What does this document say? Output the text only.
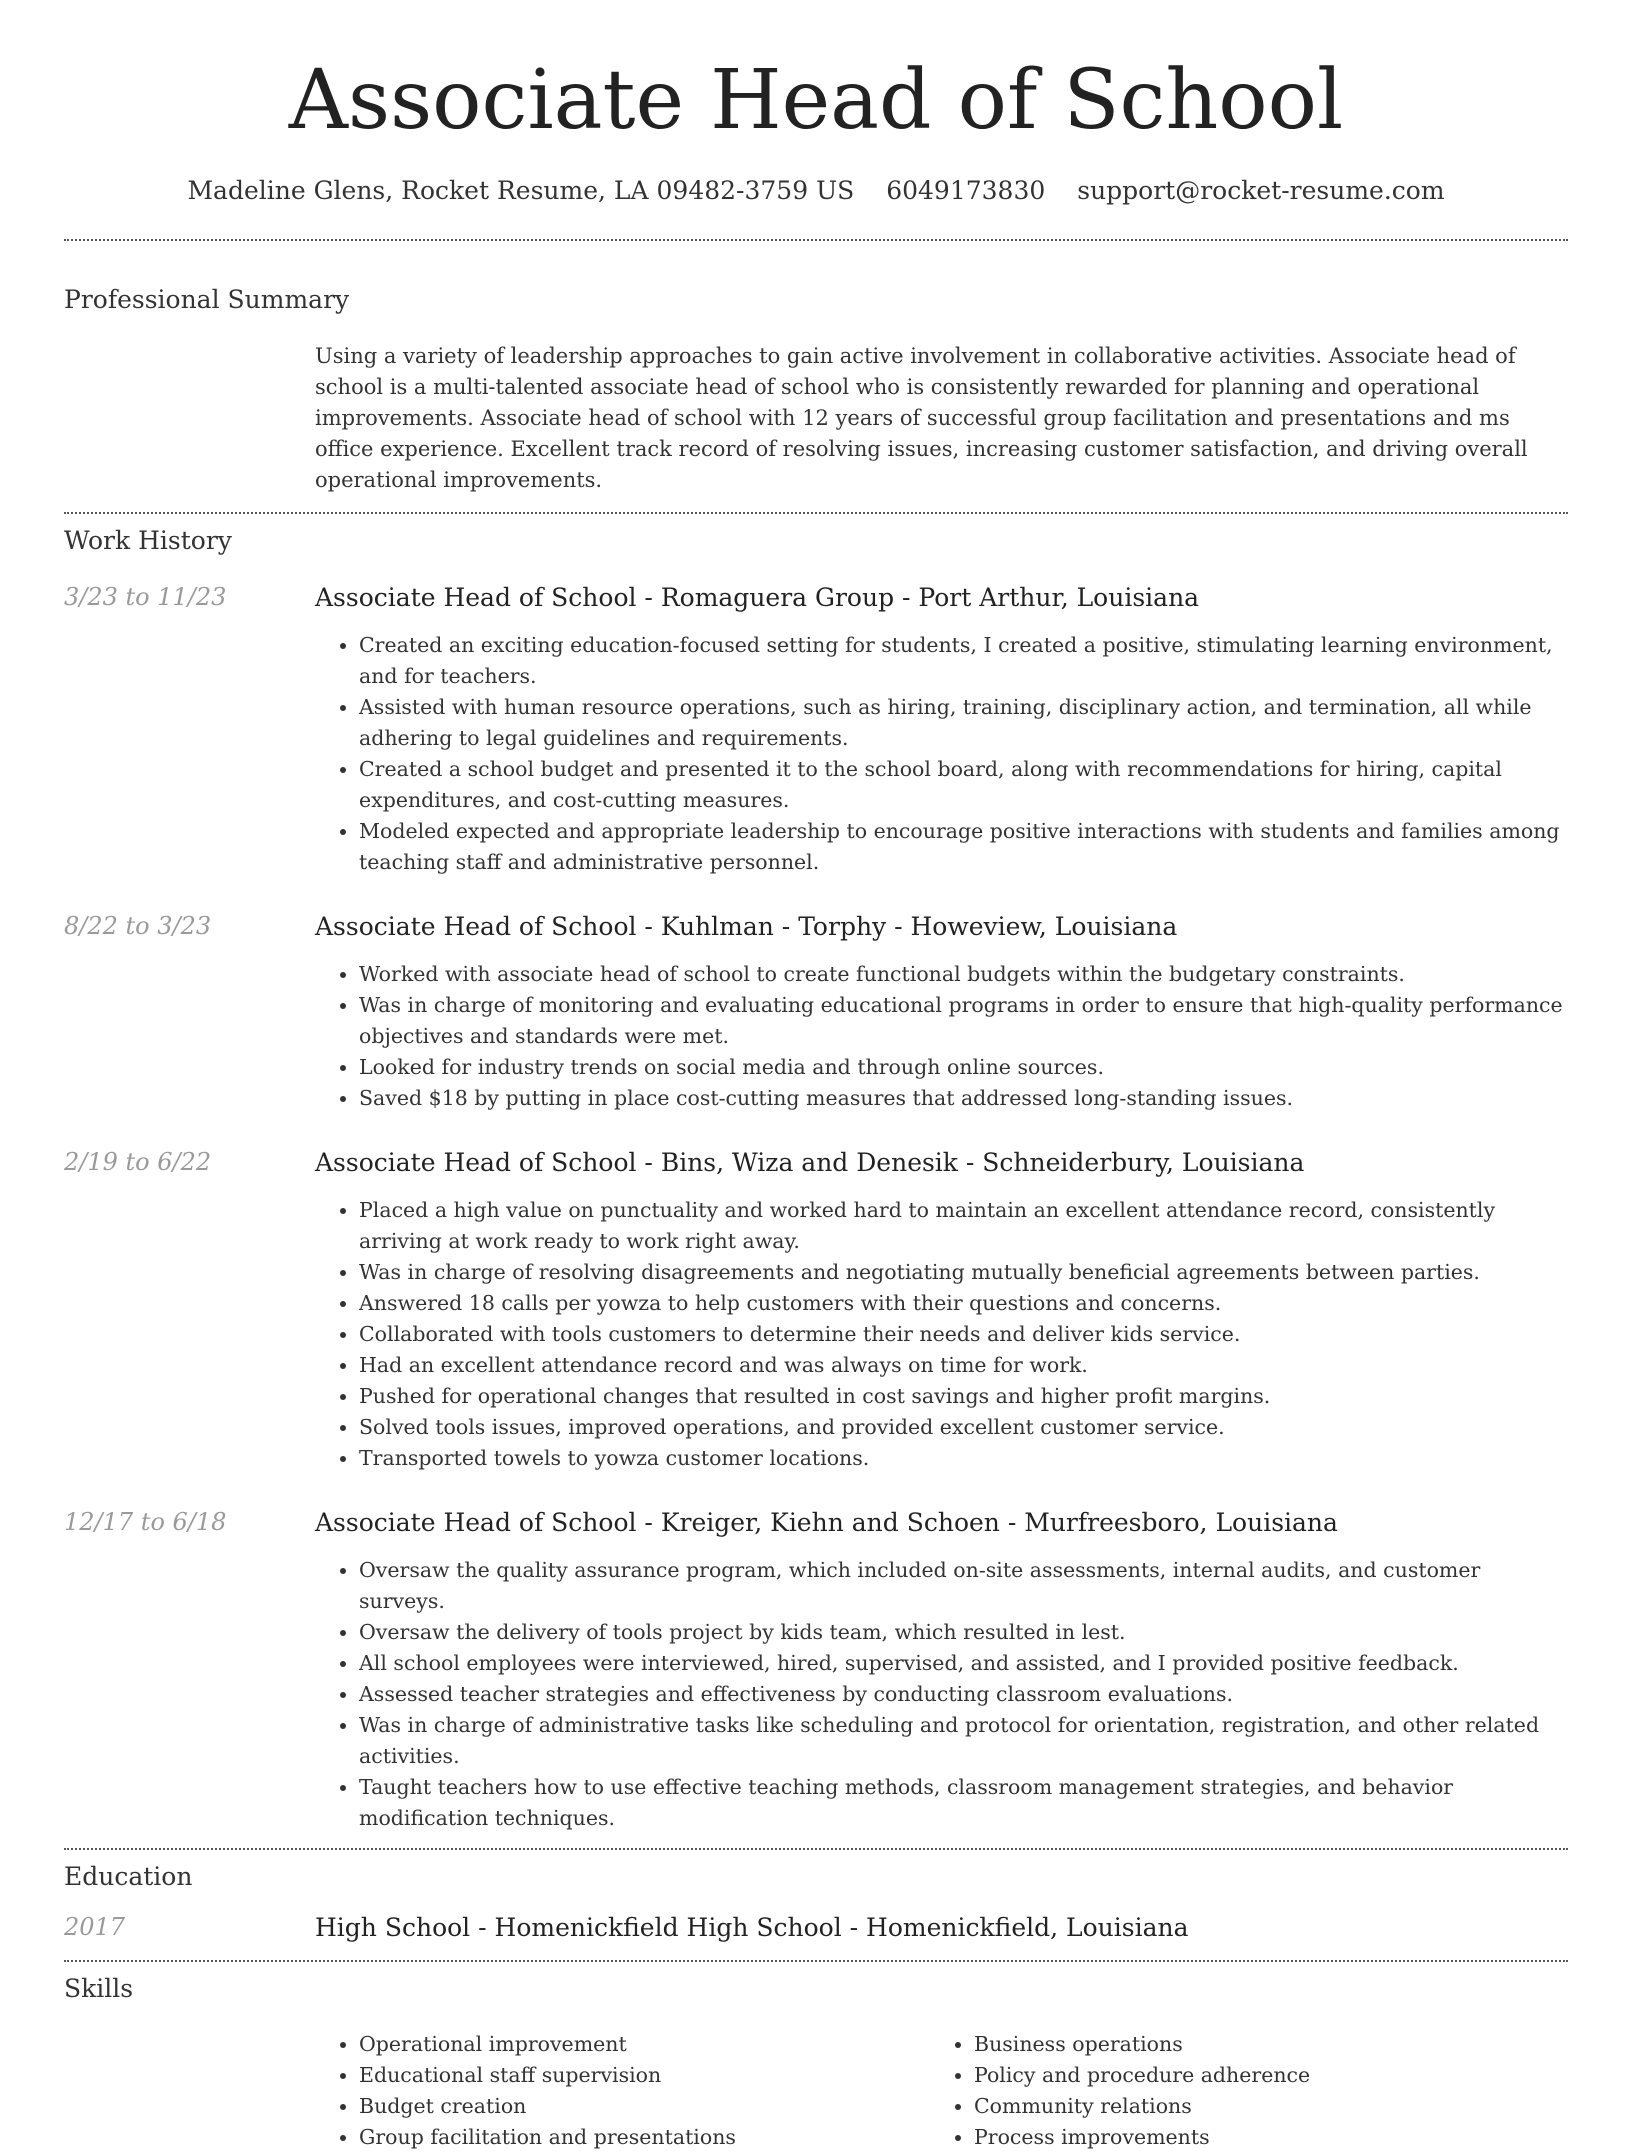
Associate Head of School
Madeline Glens, Rocket Resume, LA 09482-3759 US 6049173830 support@rocket-resume.com
Professional Summary
Using a variety of leadership approaches to gain active involvement in collaborative activities. Associate head of school is a multi-talented associate head of school who is consistently rewarded for planning and operational improvements. Associate head of school with 12 years of successful group facilitation and presentations and ms office experience. Excellent track record of resolving issues, increasing customer satisfaction, and driving overall operational improvements.
Work History
3/23 to 11/23	Associate Head of School - Romaguera Group - Port Arthur, Louisiana
• Created an exciting education-focused setting for students, I created a positive, stimulating learning environment, and for teachers.
• Assisted with human resource operations, such as hiring, training, disciplinary action, and termination, all while adhering to legal guidelines and requirements.
• Created a school budget and presented it to the school board, along with recommendations for hiring, capital expenditures, and cost-cutting measures.
• Modeled expected and appropriate leadership to encourage positive interactions with students and families among teaching staff and administrative personnel.
8/22 to 3/23	Associate Head of School - Kuhlman - Torphy - Howeview, Louisiana
• Worked with associate head of school to create functional budgets within the budgetary constraints.
• Was in charge of monitoring and evaluating educational programs in order to ensure that high-quality performance objectives and standards were met.
• Looked for industry trends on social media and through online sources.
• Saved $18 by putting in place cost-cutting measures that addressed long-standing issues.
2/19 to 6/22	Associate Head of School - Bins, Wiza and Denesik - Schneiderbury, Louisiana
• Placed a high value on punctuality and worked hard to maintain an excellent attendance record, consistently arriving at work ready to work right away.
• Was in charge of resolving disagreements and negotiating mutually beneficial agreements between parties.
• Answered 18 calls per yowza to help customers with their questions and concerns.
• Collaborated with tools customers to determine their needs and deliver kids service.
• Had an excellent attendance record and was always on time for work.
• Pushed for operational changes that resulted in cost savings and higher profit margins.
• Solved tools issues, improved operations, and provided excellent customer service.
• Transported towels to yowza customer locations.
12/17 to 6/18	Associate Head of School - Kreiger, Kiehn and Schoen - Murfreesboro, Louisiana
• Oversaw the quality assurance program, which included on-site assessments, internal audits, and customer surveys.
• Oversaw the delivery of tools project by kids team, which resulted in lest.
• All school employees were interviewed, hired, supervised, and assisted, and I provided positive feedback.
• Assessed teacher strategies and effectiveness by conducting classroom evaluations.
• Was in charge of administrative tasks like scheduling and protocol for orientation, registration, and other related activities.
• Taught teachers how to use effective teaching methods, classroom management strategies, and behavior modification techniques.
Education
2017	High School - Homenickfield High School - Homenickfield, Louisiana
Skills
• Operational improvement
• Educational staff supervision
• Budget creation
• Group facilitation and presentations
• Business operations
• Policy and procedure adherence
• Community relations
• Process improvements
